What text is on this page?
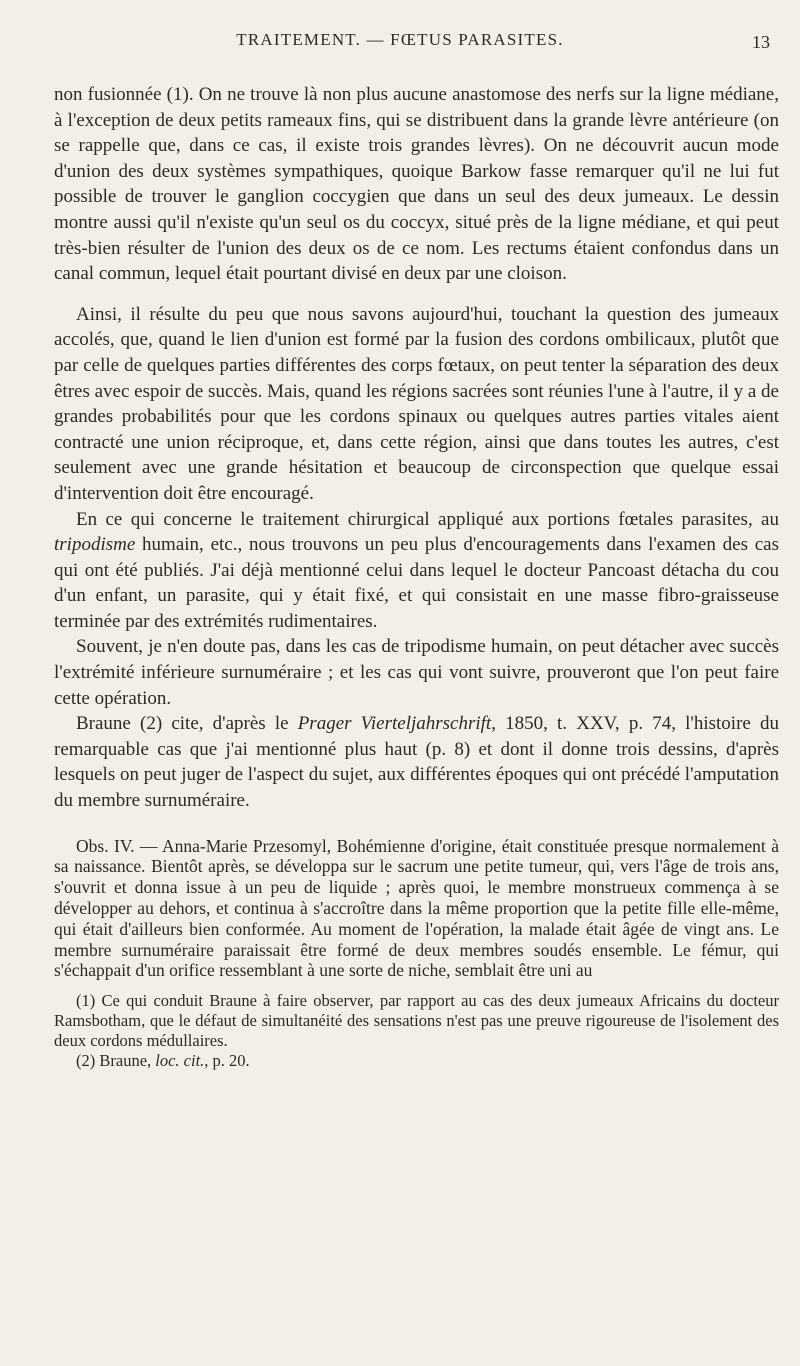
TRAITEMENT. — FŒTUS PARASITES.	13

non fusionnée (1). On ne trouve là non plus aucune anastomose des nerfs sur la ligne médiane, à l'exception de deux petits rameaux fins, qui se distribuent dans la grande lèvre antérieure (on se rappelle que, dans ce cas, il existe trois grandes lèvres). On ne découvrit aucun mode d'union des deux systèmes sympathiques, quoique Barkow fasse remarquer qu'il ne lui fut possible de trouver le ganglion coccygien que dans un seul des deux jumeaux. Le dessin montre aussi qu'il n'existe qu'un seul os du coccyx, situé près de la ligne médiane, et qui peut très-bien résulter de l'union des deux os de ce nom. Les rectums étaient confondus dans un canal commun, lequel était pourtant divisé en deux par une cloison.

Ainsi, il résulte du peu que nous savons aujourd'hui, touchant la question des jumeaux accolés, que, quand le lien d'union est formé par la fusion des cordons ombilicaux, plutôt que par celle de quelques parties différentes des corps fœtaux, on peut tenter la séparation des deux êtres avec espoir de succès. Mais, quand les régions sacrées sont réunies l'une à l'autre, il y a de grandes probabilités pour que les cordons spinaux ou quelques autres parties vitales aient contracté une union réciproque, et, dans cette région, ainsi que dans toutes les autres, c'est seulement avec une grande hésitation et beaucoup de circonspection que quelque essai d'intervention doit être encouragé.

En ce qui concerne le traitement chirurgical appliqué aux portions fœtales parasites, au tripodisme humain, etc., nous trouvons un peu plus d'encouragements dans l'examen des cas qui ont été publiés. J'ai déjà mentionné celui dans lequel le docteur Pancoast détacha du cou d'un enfant, un parasite, qui y était fixé, et qui consistait en une masse fibro-graisseuse terminée par des extrémités rudimentaires.

Souvent, je n'en doute pas, dans les cas de tripodisme humain, on peut détacher avec succès l'extrémité inférieure surnuméraire ; et les cas qui vont suivre, prouveront que l'on peut faire cette opération.

Braune (2) cite, d'après le Prager Vierteljahrschrift, 1850, t. XXV, p. 74, l'histoire du remarquable cas que j'ai mentionné plus haut (p. 8) et dont il donne trois dessins, d'après lesquels on peut juger de l'aspect du sujet, aux différentes époques qui ont précédé l'amputation du membre surnuméraire.

Obs. IV. — Anna-Marie Przesomyl, Bohémienne d'origine, était constituée presque normalement à sa naissance. Bientôt après, se développa sur le sacrum une petite tumeur, qui, vers l'âge de trois ans, s'ouvrit et donna issue à un peu de liquide ; après quoi, le membre monstrueux commença à se développer au dehors, et continua à s'accroître dans la même proportion que la petite fille elle-même, qui était d'ailleurs bien conformée. Au moment de l'opération, la malade était âgée de vingt ans. Le membre surnuméraire paraissait être formé de deux membres soudés ensemble. Le fémur, qui s'échappait d'un orifice ressemblant à une sorte de niche, semblait être uni au

(1) Ce qui conduit Braune à faire observer, par rapport au cas des deux jumeaux Africains du docteur Ramsbotham, que le défaut de simultanéité des sensations n'est pas une preuve rigoureuse de l'isolement des deux cordons médullaires.

(2) Braune, loc. cit., p. 20.
